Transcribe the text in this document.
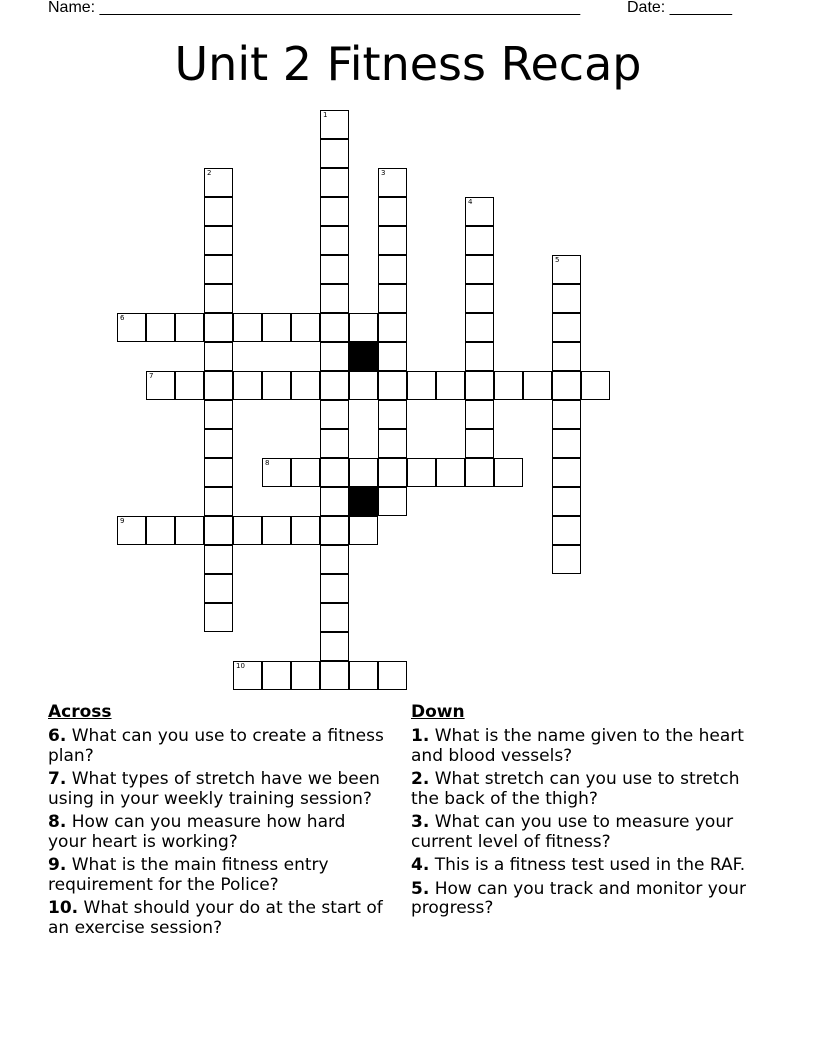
Name: ______________________________________________________	Date: _______
Unit 2 Fitness Recap
1
2	3
4
5
6
7
8
9
10
Across
6. What can you use to create a fitness plan?
7. What types of stretch have we been using in your weekly training session?
8. How can you measure how hard your heart is working?
9. What is the main fitness entry requirement for the Police?
10. What should your do at the start of an exercise session?
Down
1. What is the name given to the heart and blood vessels?
2. What stretch can you use to stretch the back of the thigh?
3. What can you use to measure your current level of fitness?
4. This is a fitness test used in the RAF.
5. How can you track and monitor your progress?
